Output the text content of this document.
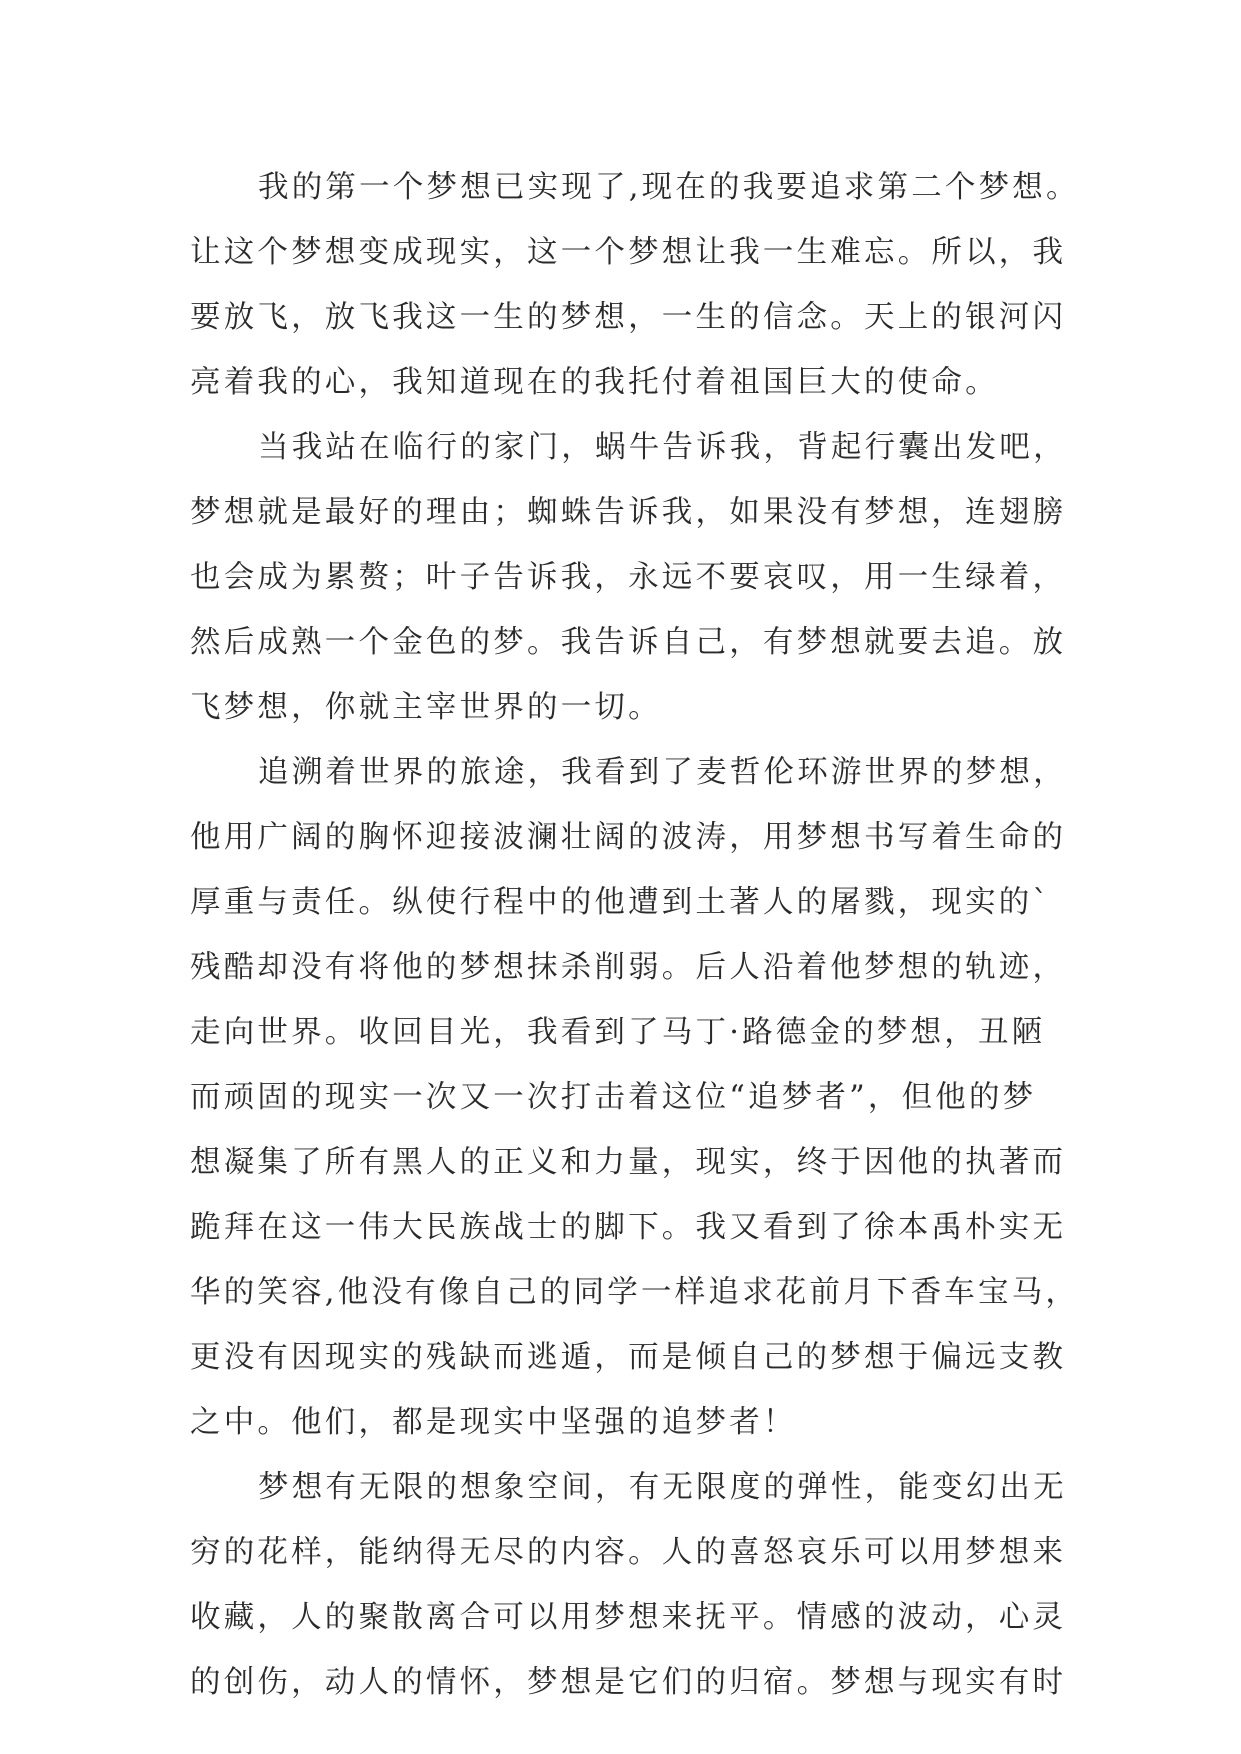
我的第一个梦想已实现了,现在的我要追求第二个梦想。
让这个梦想变成现实，这一个梦想让我一生难忘。所以，我
要放飞，放飞我这一生的梦想，一生的信念。天上的银河闪
亮着我的心，我知道现在的我托付着祖国巨大的使命。
当我站在临行的家门，蜗牛告诉我，背起行囊出发吧，
梦想就是最好的理由；蜘蛛告诉我，如果没有梦想，连翅膀
也会成为累赘；叶子告诉我，永远不要哀叹，用一生绿着，
然后成熟一个金色的梦。我告诉自己，有梦想就要去追。放
飞梦想，你就主宰世界的一切。
追溯着世界的旅途，我看到了麦哲伦环游世界的梦想，
他用广阔的胸怀迎接波澜壮阔的波涛，用梦想书写着生命的
厚重与责任。纵使行程中的他遭到土著人的屠戮，现实的`
残酷却没有将他的梦想抹杀削弱。后人沿着他梦想的轨迹，
走向世界。收回目光，我看到了马丁·路德金的梦想，丑陋
而顽固的现实一次又一次打击着这位“追梦者”，但他的梦
想凝集了所有黑人的正义和力量，现实，终于因他的执著而
跪拜在这一伟大民族战士的脚下。我又看到了徐本禹朴实无
华的笑容,他没有像自己的同学一样追求花前月下香车宝马，
更没有因现实的残缺而逃遁，而是倾自己的梦想于偏远支教
之中。他们，都是现实中坚强的追梦者！
梦想有无限的想象空间，有无限度的弹性，能变幻出无
穷的花样，能纳得无尽的内容。人的喜怒哀乐可以用梦想来
收藏，人的聚散离合可以用梦想来抚平。情感的波动，心灵
的创伤，动人的情怀，梦想是它们的归宿。梦想与现实有时
